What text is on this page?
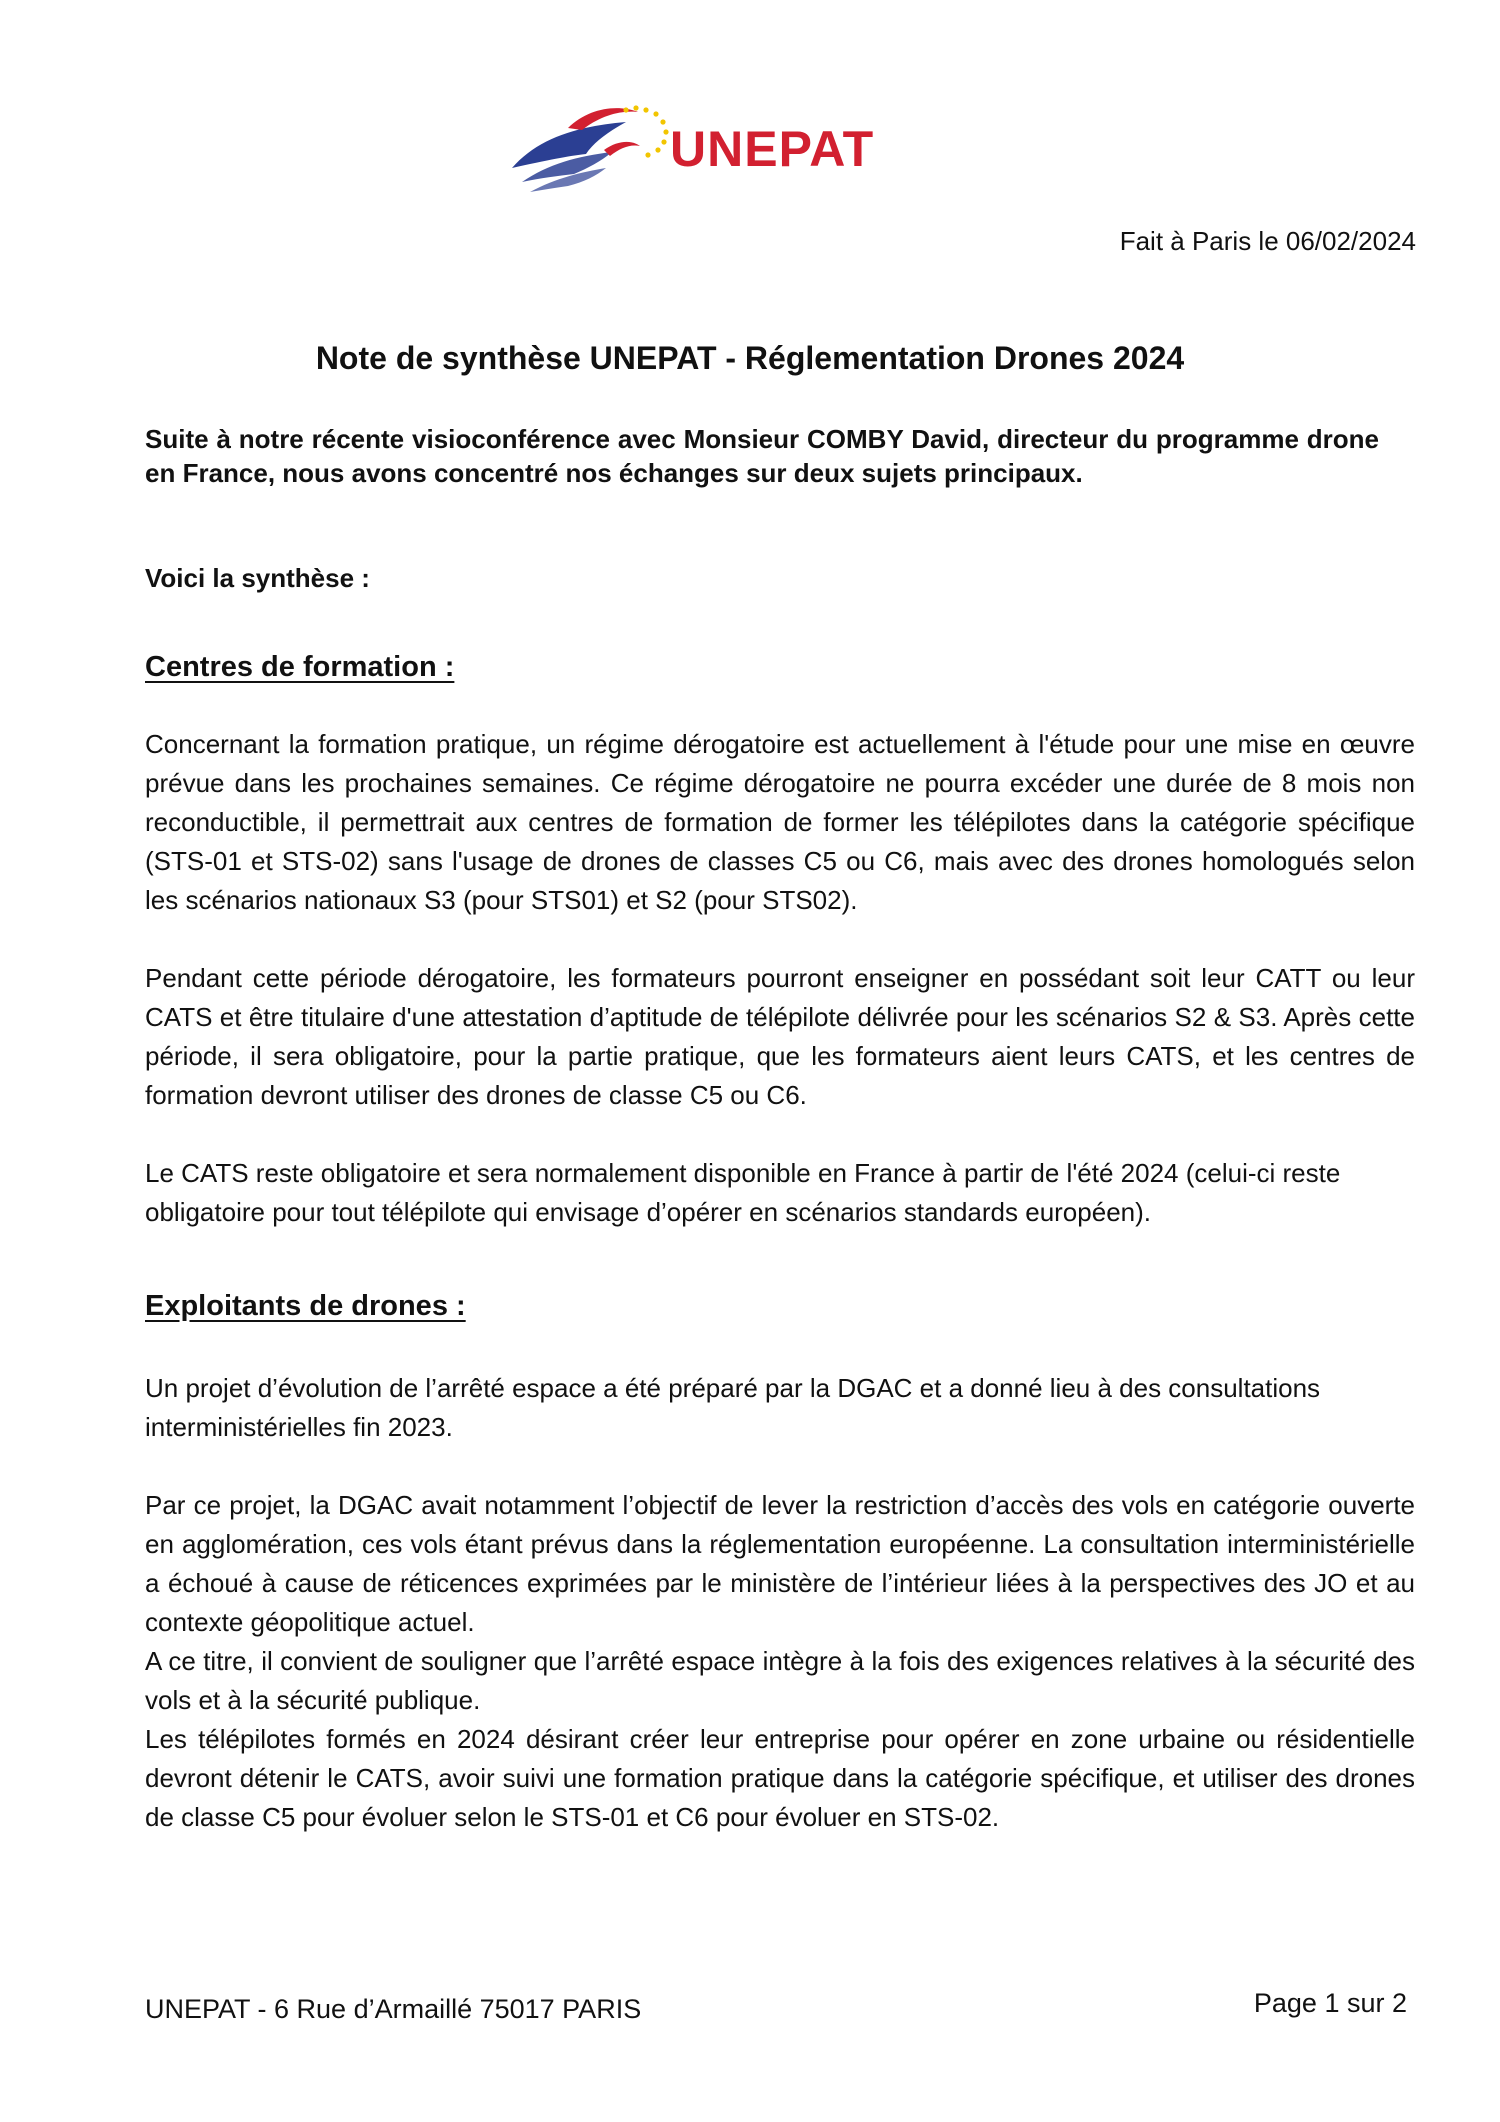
UNEPAT
Fait à Paris le 06/02/2024
Note de synthèse UNEPAT - Réglementation Drones 2024

Suite à notre récente visioconférence avec Monsieur COMBY David, directeur du programme drone en France, nous avons concentré nos échanges sur deux sujets principaux.

Voici la synthèse :
Centres de formation :

Concernant la formation pratique, un régime dérogatoire est actuellement à l'étude pour une mise en œuvre prévue dans les prochaines semaines. Ce régime dérogatoire ne pourra excéder une durée de 8 mois non reconductible, il permettrait aux centres de formation de former les télépilotes dans la catégorie spécifique (STS-01 et STS-02) sans l'usage de drones de classes C5 ou C6, mais avec des drones homologués selon les scénarios nationaux S3 (pour STS01) et S2 (pour STS02).

Pendant cette période dérogatoire, les formateurs pourront enseigner en possédant soit leur CATT ou leur CATS et être titulaire d'une attestation d’aptitude de télépilote délivrée pour les scénarios S2 & S3. Après cette période, il sera obligatoire, pour la partie pratique, que les formateurs aient leurs CATS, et les centres de formation devront utiliser des drones de classe C5 ou C6.

Le CATS reste obligatoire et sera normalement disponible en France à partir de l'été 2024 (celui-ci reste obligatoire pour tout télépilote qui envisage d’opérer en scénarios standards européen).

Exploitants de drones :

Un projet d’évolution de l’arrêté espace a été préparé par la DGAC et a donné lieu à des consultations interministérielles fin 2023.

Par ce projet, la DGAC avait notamment l’objectif de lever la restriction d’accès des vols en catégorie ouverte en agglomération, ces vols étant prévus dans la réglementation européenne. La consultation interministérielle a échoué à cause de réticences exprimées par le ministère de l’intérieur liées à la perspectives des JO et au contexte géopolitique actuel.

A ce titre, il convient de souligner que l’arrêté espace intègre à la fois des exigences relatives à la sécurité des vols et à la sécurité publique.

Les télépilotes formés en 2024 désirant créer leur entreprise pour opérer en zone urbaine ou résidentielle devront détenir le CATS, avoir suivi une formation pratique dans la catégorie spécifique, et utiliser des drones de classe C5 pour évoluer selon le STS-01 et C6 pour évoluer en STS-02.

UNEPAT - 6 Rue d’Armaillé 75017 PARIS	Page 1 sur 2
